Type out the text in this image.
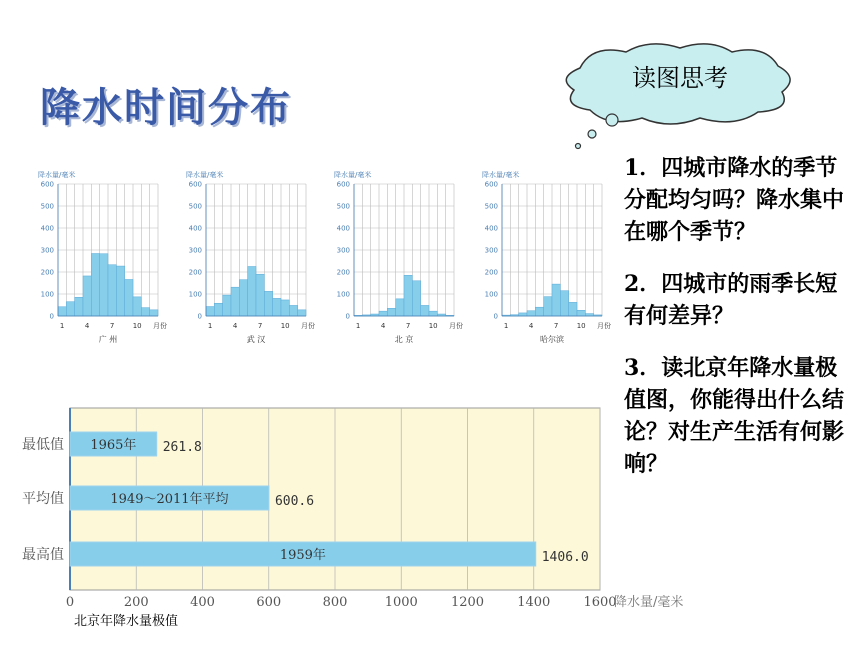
降水时间分布
读图思考

1．四城市降水的季节分配均匀吗？降水集中在哪个季节？

2．四城市的雨季长短有何差异？

3．读北京年降水量极值图，你能得出什么结论？对生产生活有何影响？

降水量/毫米
0
100
200
300
400
500
600
1	4	7	10 月份
广 州
降水量/毫米
0
100
200
300
400
500
600
1	4	7	10 月份
武 汉
降水量/毫米
0
100
200
300
400
500
600
1	4	7	10 月份
北 京
降水量/毫米
0
100
200
300
400
500
600
1	4	7	10 月份
哈尔滨
0	200	400	600	800	1000	1200	1400	1600
降水量/毫米
最低值 1965年 261.8
平均值	1949～2011年平均	600.6
最高值	1959年	1406.0
北京年降水量极值
